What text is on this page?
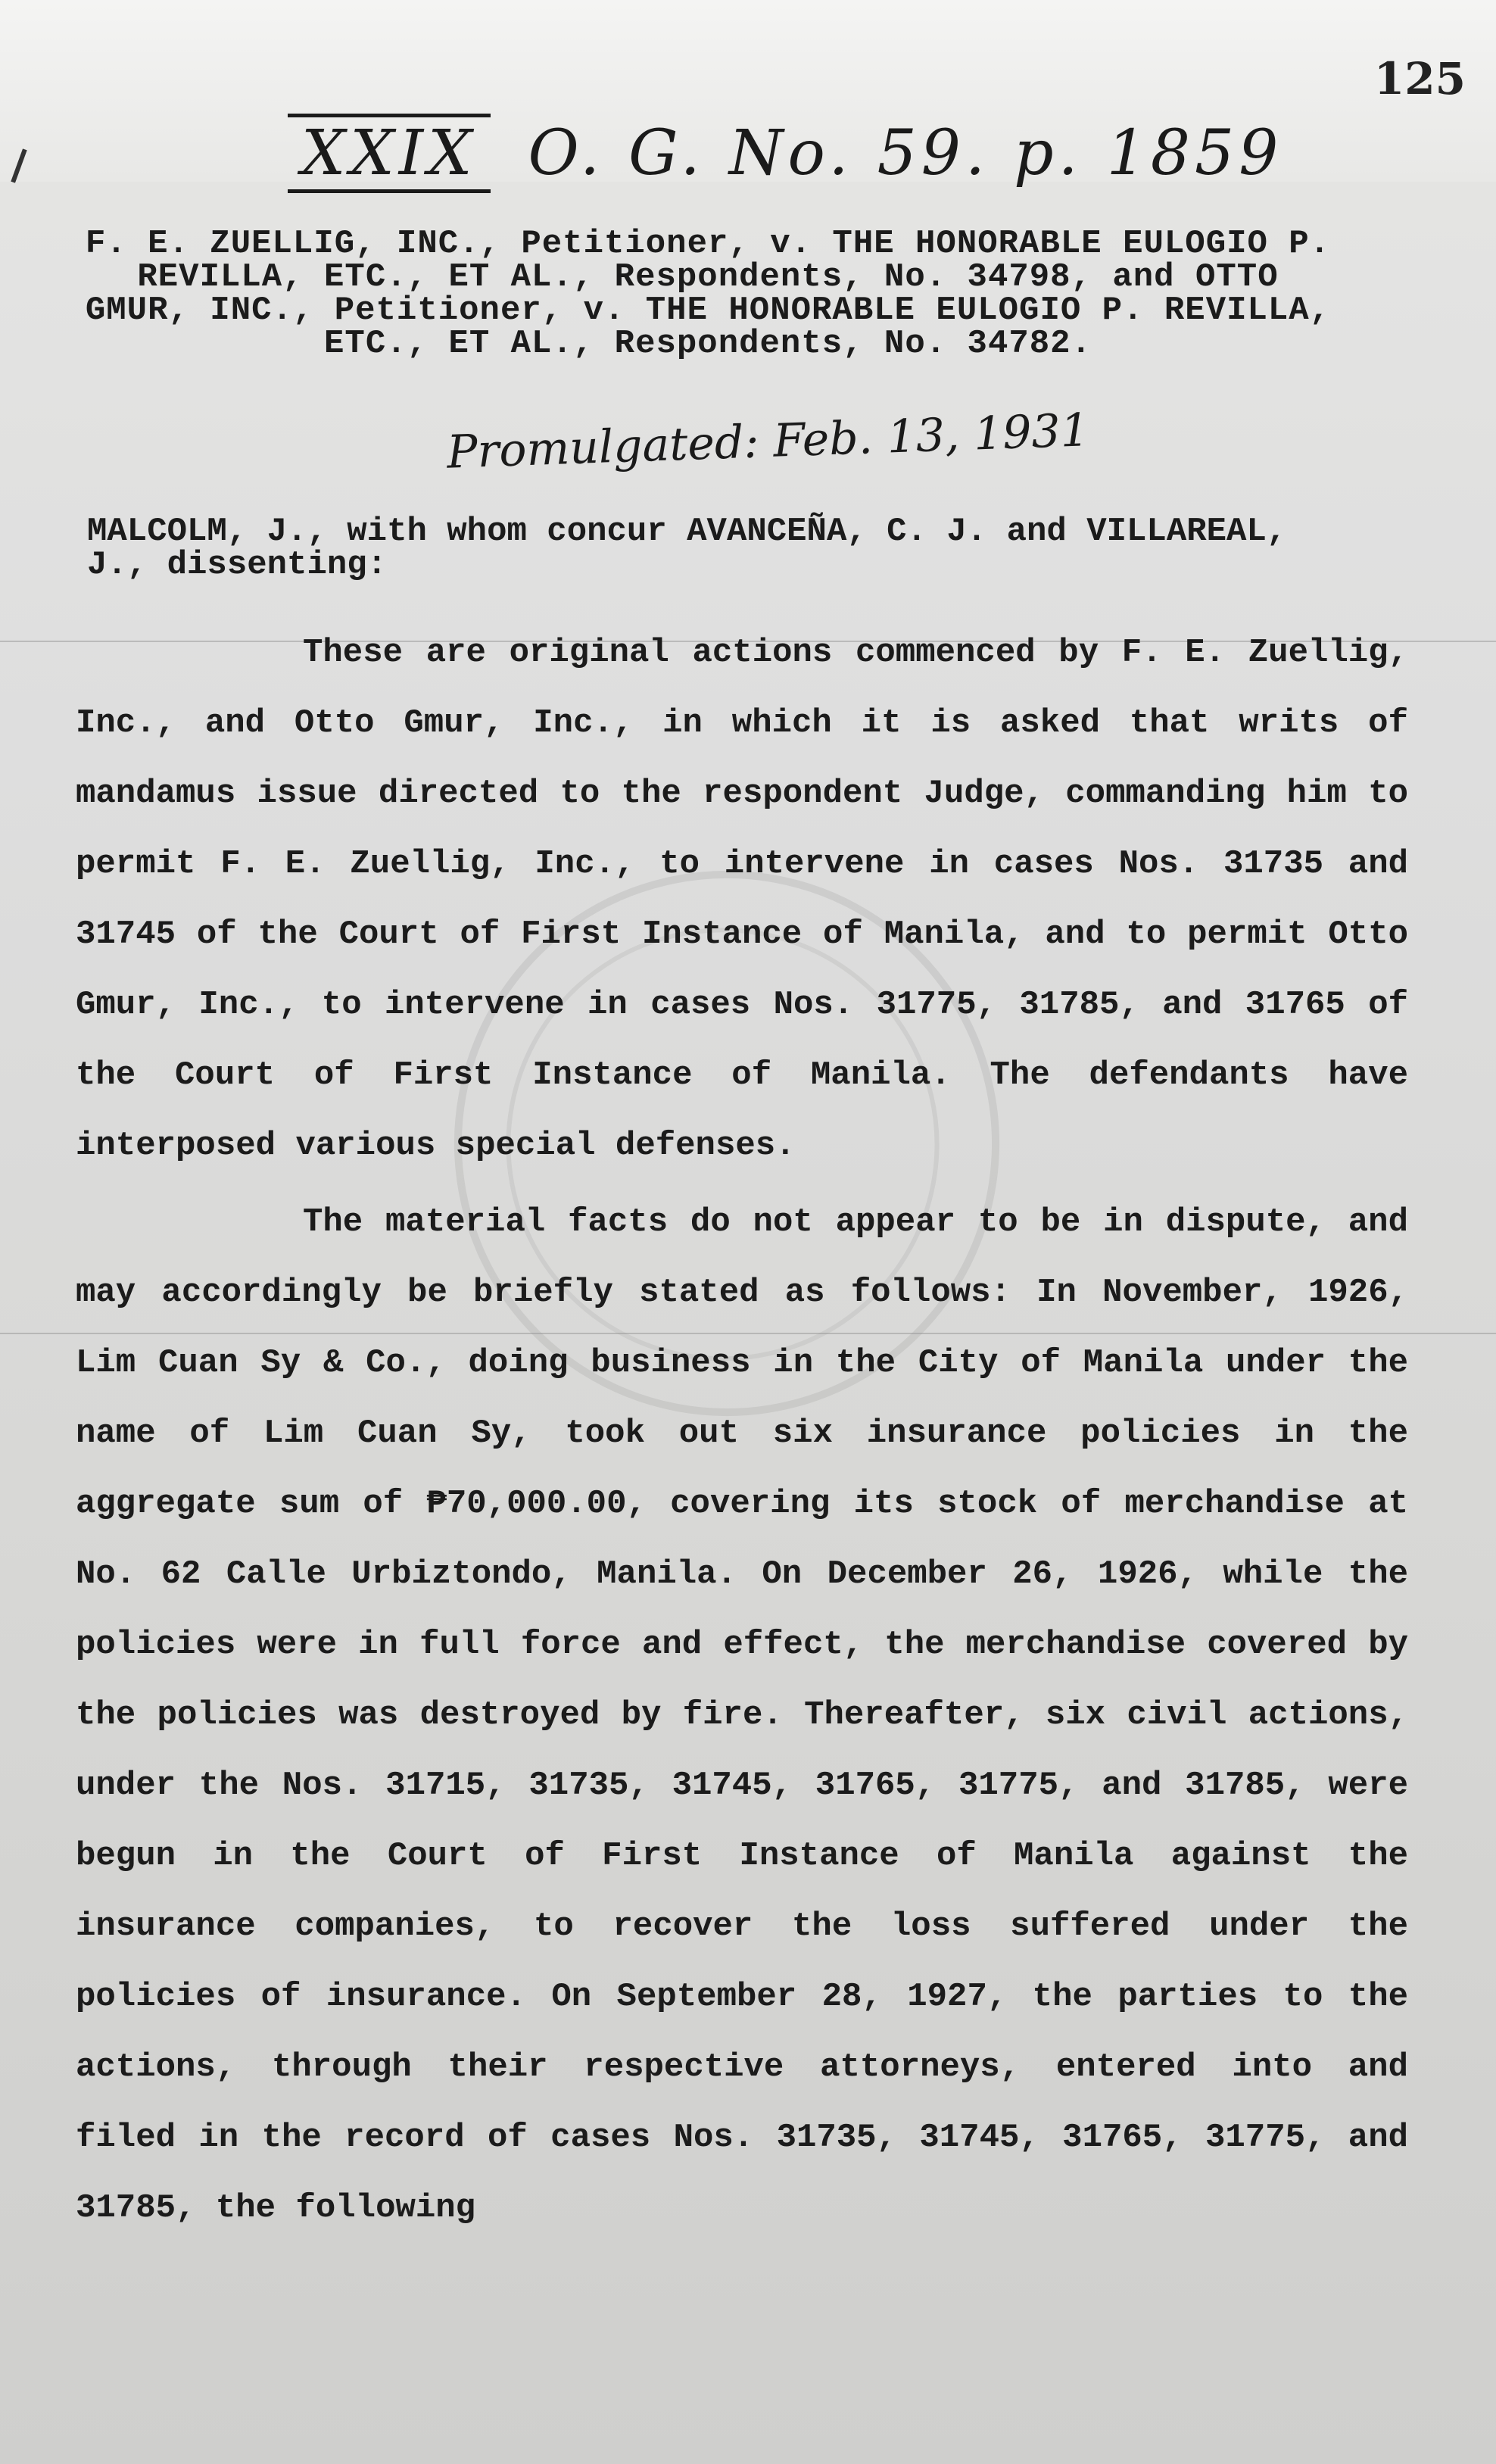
125
XXIX O. G. No. 59. p. 1859
F. E. ZUELLIG, INC., Petitioner, v. THE HONORABLE EULOGIO P. REVILLA, ETC., ET AL., Respondents, No. 34798, and OTTO GMUR, INC., Petitioner, v. THE HONORABLE EULOGIO P. REVILLA, ETC., ET AL., Respondents, No. 34782.
Promulgated: Feb. 13, 1931
MALCOLM, J., with whom concur AVANCEÑA, C. J. and VILLAREAL, J., dissenting:

These are original actions commenced by F. E. Zuellig, Inc., and Otto Gmur, Inc., in which it is asked that writs of mandamus issue directed to the respondent Judge, commanding him to permit F. E. Zuellig, Inc., to intervene in cases Nos. 31735 and 31745 of the Court of First Instance of Manila, and to permit Otto Gmur, Inc., to intervene in cases Nos. 31775, 31785, and 31765 of the Court of First Instance of Manila. The defendants have interposed various special defenses.

The material facts do not appear to be in dispute, and may accordingly be briefly stated as follows: In November, 1926, Lim Cuan Sy & Co., doing business in the City of Manila under the name of Lim Cuan Sy, took out six insurance policies in the aggregate sum of ₱70,000.00, covering its stock of merchandise at No. 62 Calle Urbiztondo, Manila. On December 26, 1926, while the policies were in full force and effect, the merchandise covered by the policies was destroyed by fire. Thereafter, six civil actions, under the Nos. 31715, 31735, 31745, 31765, 31775, and 31785, were begun in the Court of First Instance of Manila against the insurance companies, to recover the loss suffered under the policies of insurance. On September 28, 1927, the parties to the actions, through their respective attorneys, entered into and filed in the record of cases Nos. 31735, 31745, 31765, 31775, and 31785, the following
